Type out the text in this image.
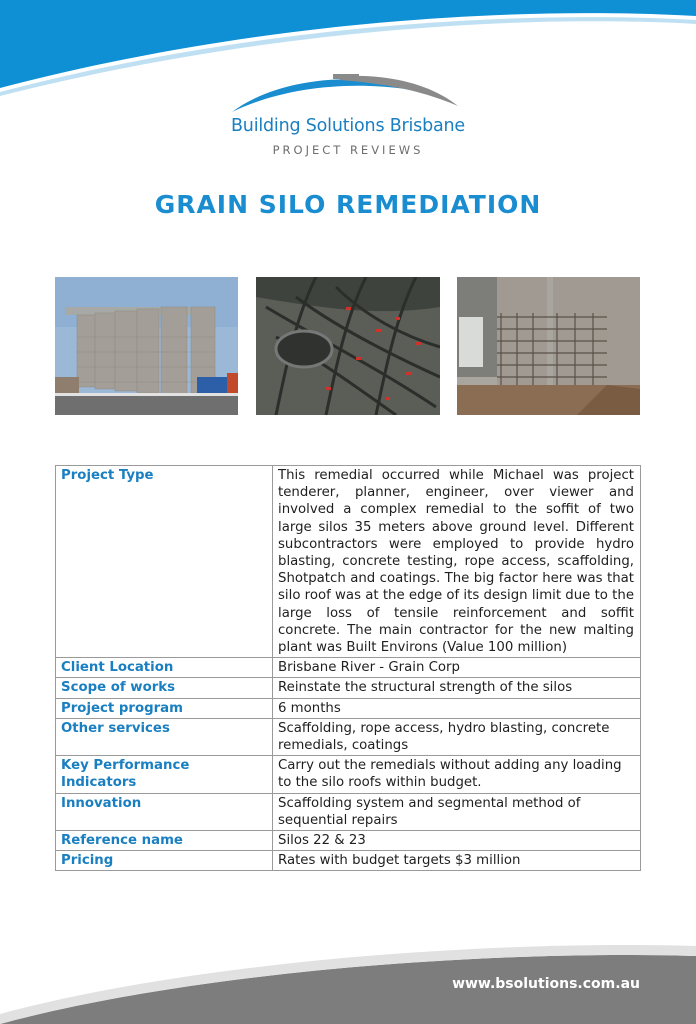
Building Solutions Brisbane
PROJECT REVIEWS
GRAIN SILO REMEDIATION
Project Type	This remedial occurred while Michael was project tenderer, planner, engineer, over viewer and involved a complex remedial to the soffit of two large silos 35 meters above ground level. Different subcontractors were employed to provide hydro blasting, concrete testing, rope access, scaffolding, Shotpatch and coatings. The big factor here was that silo roof was at the edge of its design limit due to the large loss of tensile reinforcement and soffit concrete. The main contractor for the new malting plant was Built Environs (Value 100 million)
Client Location	Brisbane River - Grain Corp
Scope of works	Reinstate the structural strength of the silos
Project program	6 months
Other services	Scaffolding, rope access, hydro blasting, concrete remedials, coatings
Key Performance Indicators	Carry out the remedials without adding any loading to the silo roofs within budget.
Innovation	Scaffolding system and segmental method of sequential repairs
Reference name	Silos 22 & 23
Pricing	Rates with budget targets $3 million
www.bsolutions.com.au
